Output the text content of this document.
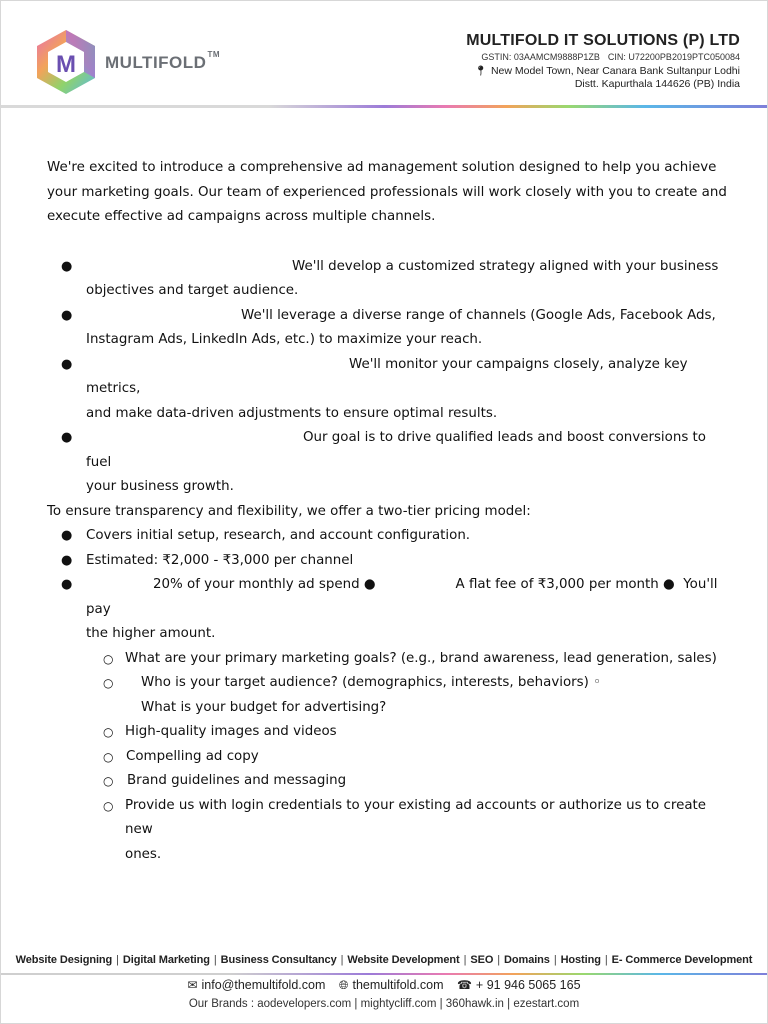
M MULTIFOLD™
MULTIFOLD IT SOLUTIONS (P) LTD
GSTIN: 03AAMCM9888P1ZB CIN: U72200PB2019PTC050084
📍︎ New Model Town, Near Canara Bank Sultanpur Lodhi
Distt. Kapurthala 144626 (PB) India

We're excited to introduce a comprehensive ad management solution designed to help you achieve your marketing goals. Our team of experienced professionals will work closely with you to create and execute effective ad campaigns across multiple channels.

●	We'll develop a customized strategy aligned with your business
objectives and target audience.
●	We'll leverage a diverse range of channels (Google Ads, Facebook Ads,
Instagram Ads, LinkedIn Ads, etc.) to maximize your reach.
●	We'll monitor your campaigns closely, analyze key metrics,
and make data-driven adjustments to ensure optimal results.
●	Our goal is to drive qualified leads and boost conversions to fuel
your business growth.

To ensure transparency and flexibility, we offer a two-tier pricing model:

● Covers initial setup, research, and account configuration.
● Estimated: ₹2,000 - ₹3,000 per channel
●	20% of your monthly ad spend ●	A flat fee of ₹3,000 per month ● You'll pay
the higher amount.
○ What are your primary marketing goals? (e.g., brand awareness, lead generation, sales)
○ Who is your target audience? (demographics, interests, behaviors) ◦
What is your budget for advertising?
○ High-quality images and videos
○ Compelling ad copy
○ Brand guidelines and messaging
○ Provide us with login credentials to your existing ad accounts or authorize us to create new
ones.
Website Designing | Digital Marketing | Business Consultancy | Website Development | SEO | Domains | Hosting | E- Commerce Development
✉︎ info@themultifold.com 🌐︎ themultifold.com ☎︎ + 91 946 5065 165
Our Brands : aodevelopers.com | mightycliff.com | 360hawk.in | ezestart.com
